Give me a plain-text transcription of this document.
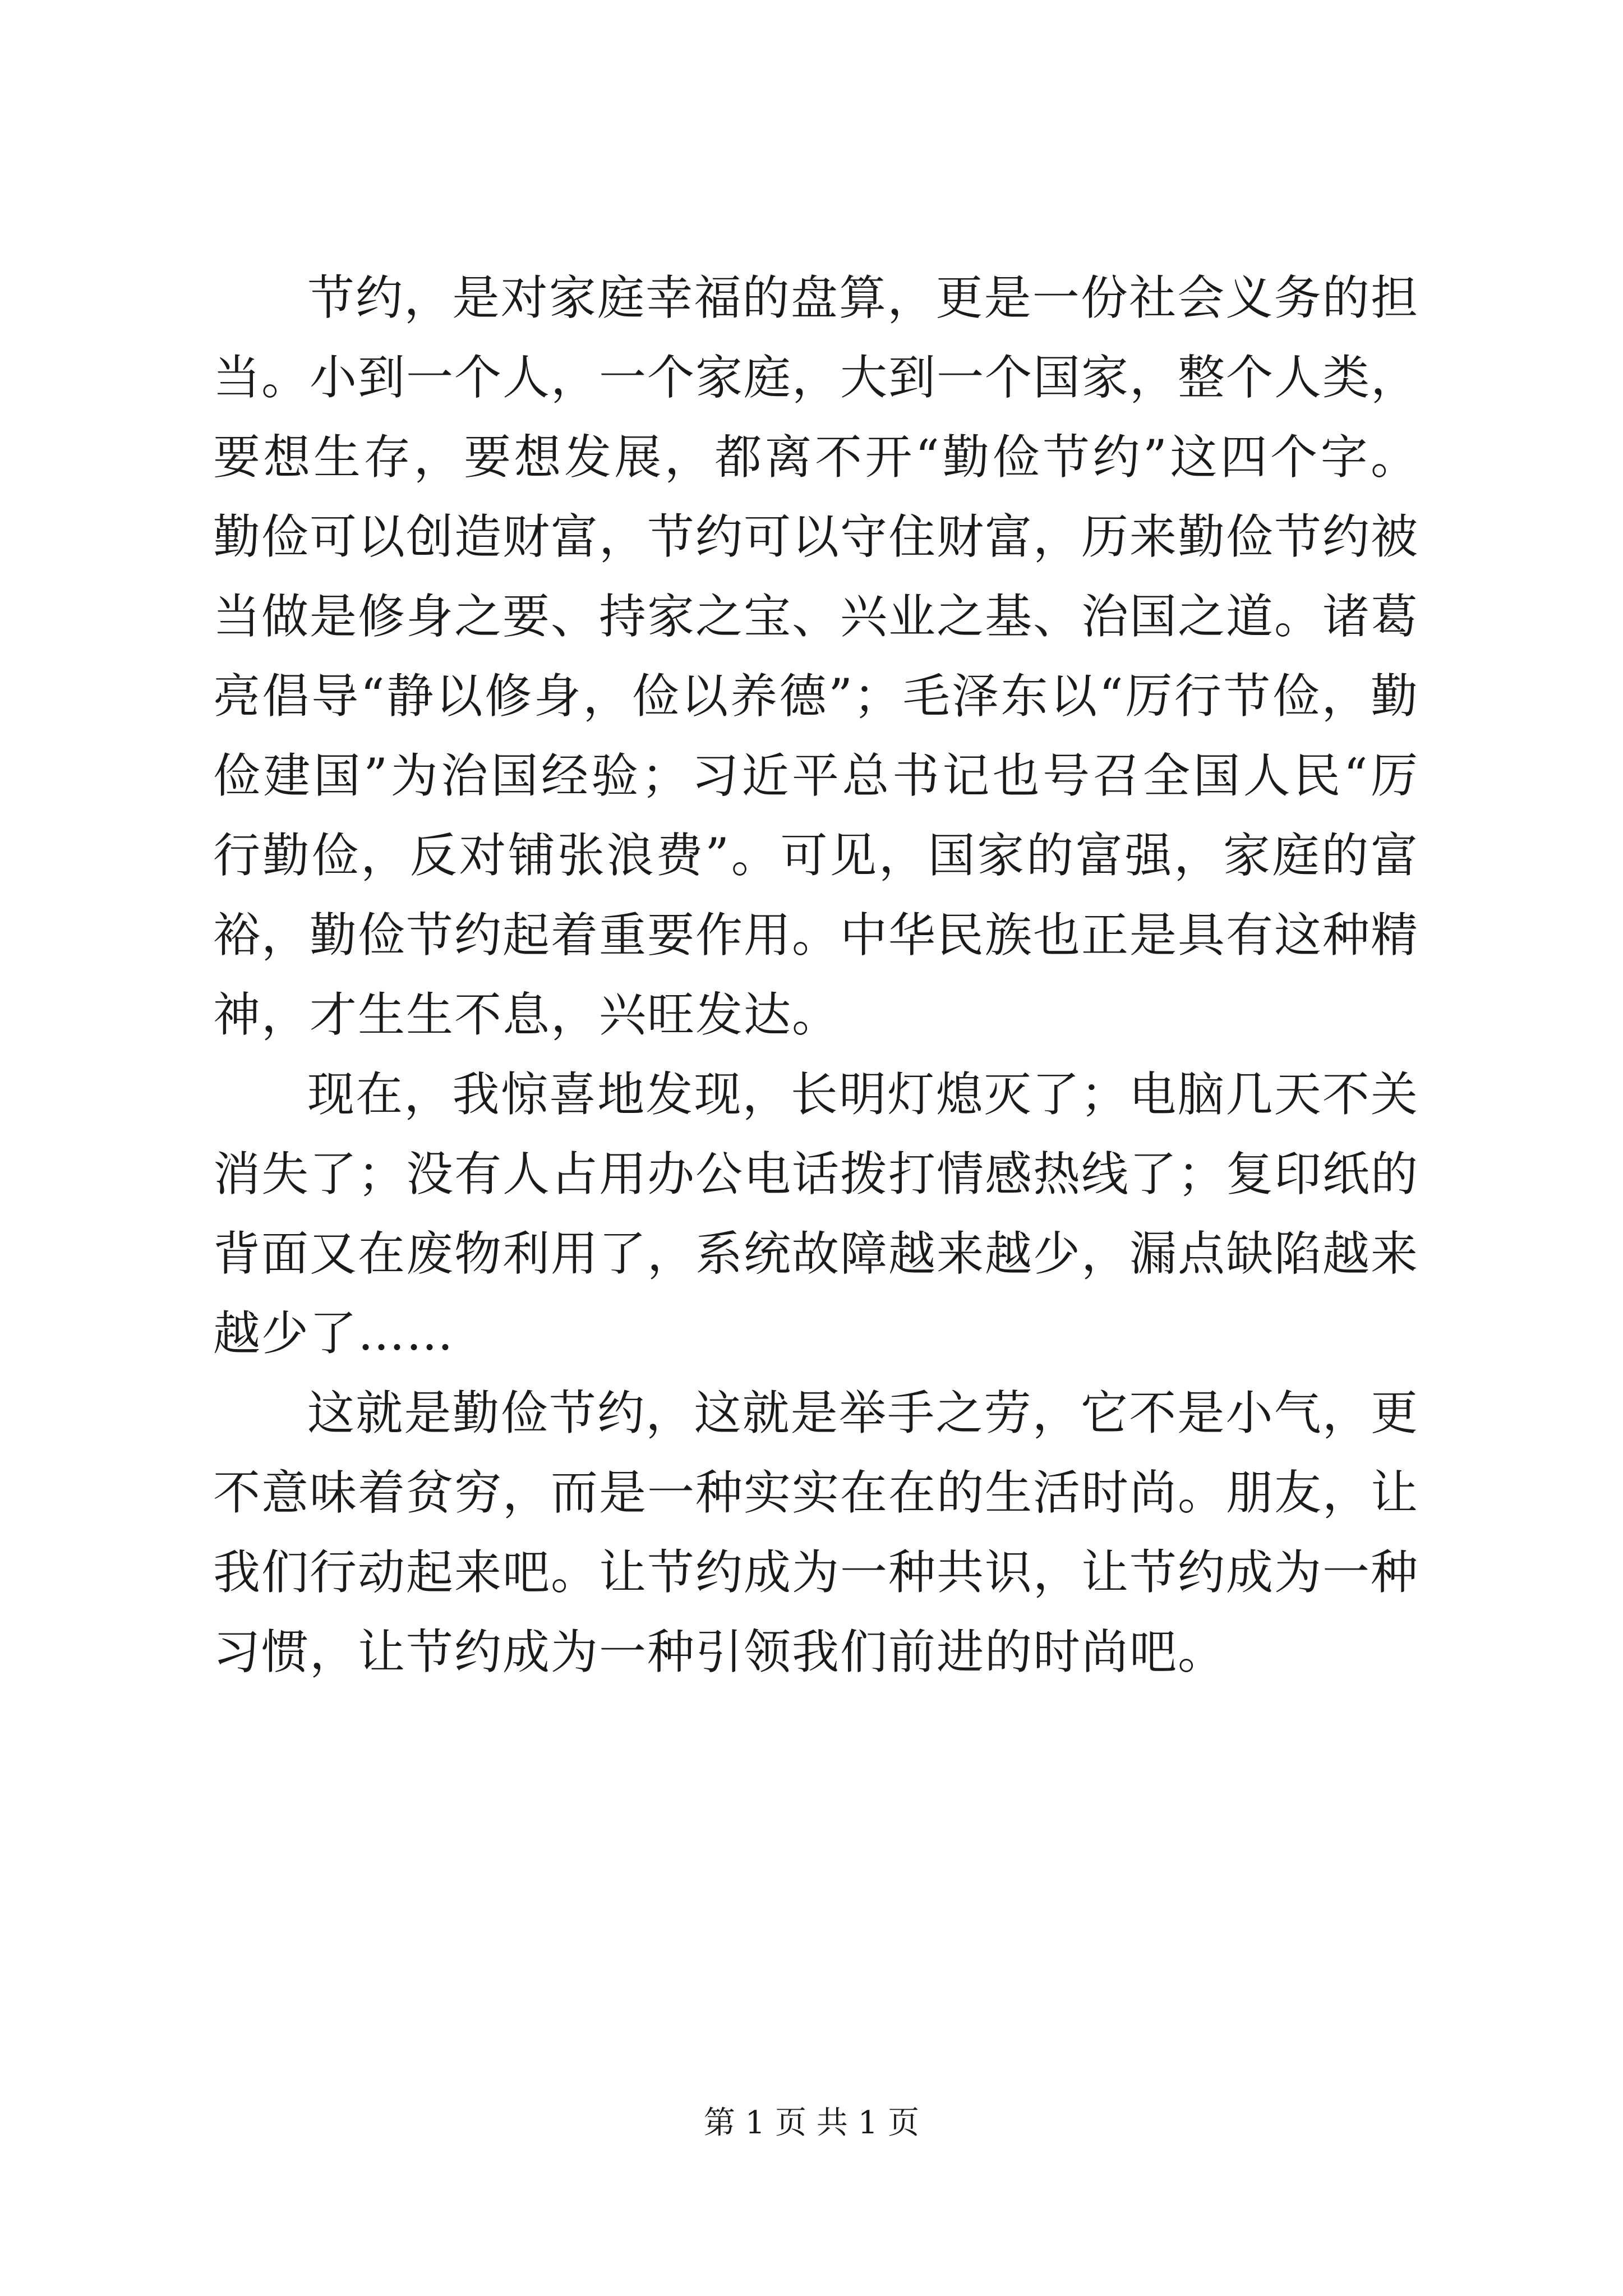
节约，是对家庭幸福的盘算，更是一份社会义务的担当。小到一个人，一个家庭，大到一个国家，整个人类，要想生存，要想发展，都离不开“勤俭节约”这四个字。勤俭可以创造财富，节约可以守住财富，历来勤俭节约被当做是修身之要、持家之宝、兴业之基、治国之道。诸葛亮倡导“静以修身，俭以养德”；毛泽东以“厉行节俭，勤俭建国”为治国经验；习近平总书记也号召全国人民“厉行勤俭，反对铺张浪费”。可见，国家的富强，家庭的富裕，勤俭节约起着重要作用。中华民族也正是具有这种精神，才生生不息，兴旺发达。

现在，我惊喜地发现，长明灯熄灭了；电脑几天不关消失了；没有人占用办公电话拨打情感热线了；复印纸的背面又在废物利用了，系统故障越来越少，漏点缺陷越来越少了……

这就是勤俭节约，这就是举手之劳，它不是小气，更不意味着贫穷，而是一种实实在在的生活时尚。朋友，让我们行动起来吧。让节约成为一种共识，让节约成为一种习惯，让节约成为一种引领我们前进的时尚吧。

第 1 页 共 1 页
